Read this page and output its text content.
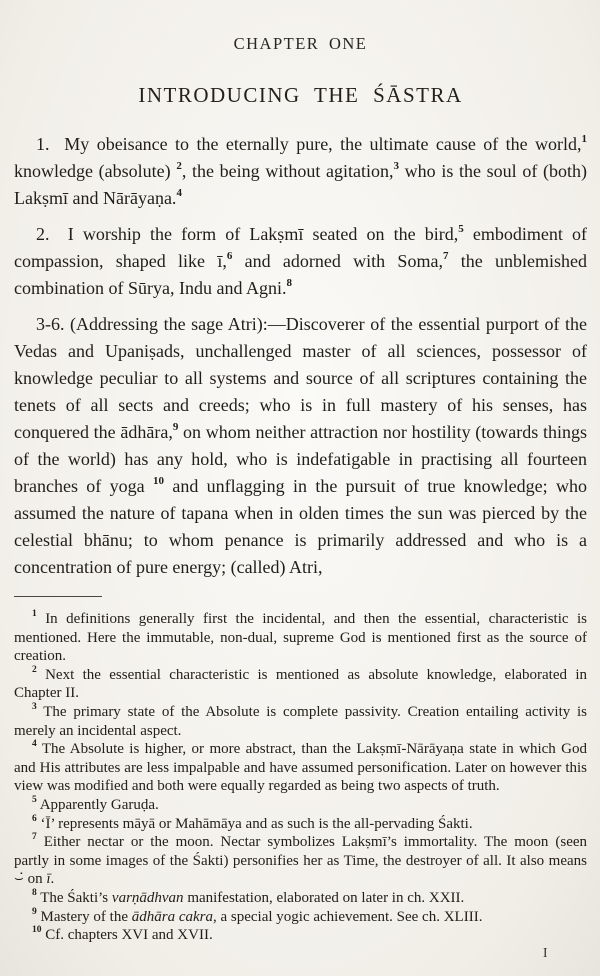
CHAPTER ONE
INTRODUCING THE ŚĀSTRA

1.  My obeisance to the eternally pure, the ultimate cause of the world,$^1$ knowledge (absolute) $^2$, the being without agitation,$^3$ who is the soul of (both) Lakṣmī and Nārāyaṇa.$^4$

2.  I worship the form of Lakṣmī seated on the bird,$^5$ embodiment of compassion, shaped like ī,$^6$ and adorned with Soma,$^7$ the unblemished combination of Sūrya, Indu and Agni.$^8$

3-6. (Addressing the sage Atri):—Discoverer of the essential purport of the Vedas and Upaniṣads, unchallenged master of all sciences, possessor of knowledge peculiar to all systems and source of all scriptures containing the tenets of all sects and creeds; who is in full mastery of his senses, has conquered the ādhāra,$^9$ on whom neither attraction nor hostility (towards things of the world) has any hold, who is indefatigable in practising all fourteen branches of yoga $^{10}$ and unflagging in the pursuit of true knowledge; who assumed the nature of tapana when in olden times the sun was pierced by the celestial bhānu; to whom penance is primarily addressed and who is a concentration of pure energy; (called) Atri,

$^1$ In definitions generally first the incidental, and then the essential, characteristic is mentioned. Here the immutable, non-dual, supreme God is mentioned first as the source of creation.

$^2$ Next the essential characteristic is mentioned as absolute knowledge, elaborated in Chapter II.

$^3$ The primary state of the Absolute is complete passivity. Creation entailing activity is merely an incidental aspect.

$^4$ The Absolute is higher, or more abstract, than the Lakṣmī-Nārāyaṇa state in which God and His attributes are less impalpable and have assumed personification. Later on however this view was modified and both were equally regarded as being two aspects of truth.

$^5$ Apparently Garuḍa.

$^6$ ‘Ī’ represents māyā or Mahāmāya and as such is the all-pervading Śakti.

$^7$ Either nectar or the moon. Nectar symbolizes Lakṣmī’s immortality. The moon (seen partly in some images of the Śakti) personifies her as Time, the destroyer of all. It also means ⌣̇ on ī.

$^8$ The Śakti’s varṇādhvan manifestation, elaborated on later in ch. XXII.

$^9$ Mastery of the ādhāra cakra, a special yogic achievement. See ch. XLIII.

$^{10}$ Cf. chapters XVI and XVII.

I
